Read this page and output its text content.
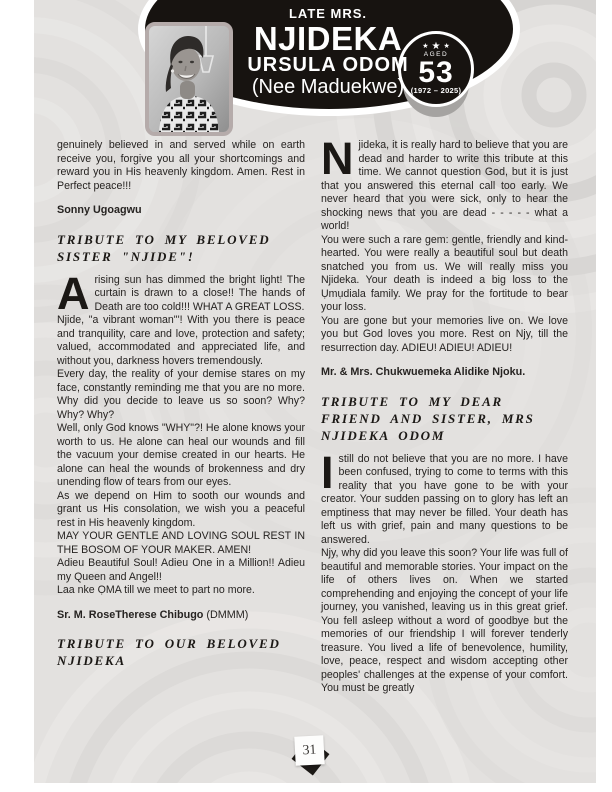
LATE MRS.
NJIDEKA
URSULA ODOM
(Nee Maduekwe)
★ ★ ★
AGED
53
(1972 – 2025)

genuinely believed in and served while on earth receive you, forgive you all your shortcomings and reward you in His heavenly kingdom. Amen. Rest in Perfect peace!!!

Sonny Ugoagwu

TRIBUTE TO MY BELOVED SISTER "NJIDE"!

Arising sun has dimmed the bright light! The curtain is drawn to a close!! The hands of Death are too cold!!! WHAT A GREAT LOSS.

Njide, "a vibrant woman"'! With you there is peace and tranquility, care and love, protection and safety; valued, accommodated and appreciated life, and without you, darkness hovers tremendously.

Every day, the reality of your demise stares on my face, constantly reminding me that you are no more. Why did you decide to leave us so soon? Why? Why? Why?

Well, only God knows "WHY"?! He alone knows your worth to us. He alone can heal our wounds and fill the vacuum your demise created in our hearts. He alone can heal the wounds of brokenness and dry unending flow of tears from our eyes.

As we depend on Him to sooth our wounds and grant us His consolation, we wish you a peaceful rest in His heavenly kingdom.

MAY YOUR GENTLE AND LOVING SOUL REST IN THE BOSOM OF YOUR MAKER. AMEN!

Adieu Beautiful Soul! Adieu One in a Million!! Adieu my Queen and Angel!!

Laa nke ỌMA till we meet to part no more.

Sr. M. RoseTherese Chibugo (DMMM)

TRIBUTE TO OUR BELOVED NJIDEKA

Njideka, it is really hard to believe that you are dead and harder to write this tribute at this time. We cannot question God, but it is just that you answered this eternal call too early. We never heard that you were sick, only to hear the shocking news that you are dead - - - - - what a world!

You were such a rare gem: gentle, friendly and kind-hearted. You were really a beautiful soul but death snatched you from us. We will really miss you Njideka. Your death is indeed a big loss to the Ụmụdiala family. We pray for the fortitude to bear your loss.

You are gone but your memories live on. We love you but God loves you more. Rest on Njy, till the resurrection day. ADIEU! ADIEU! ADIEU!

Mr. & Mrs. Chukwuemeka Alidike Njoku.

TRIBUTE TO MY DEAR FRIEND AND SISTER, MRS NJIDEKA ODOM

Istill do not believe that you are no more. I have been confused, trying to come to terms with this reality that you have gone to be with your creator. Your sudden passing on to glory has left an emptiness that may never be filled. Your death has left us with grief, pain and many questions to be answered.

Njy, why did you leave this soon? Your life was full of beautiful and memorable stories. Your impact on the life of others lives on. When we started comprehending and enjoying the concept of your life journey, you vanished, leaving us in this great grief. You fell asleep without a word of goodbye but the memories of our friendship I will forever tenderly treasure. You lived a life of benevolence, humility, love, peace, respect and wisdom accepting other peoples' challenges at the expense of your comfort. You must be greatly

31
